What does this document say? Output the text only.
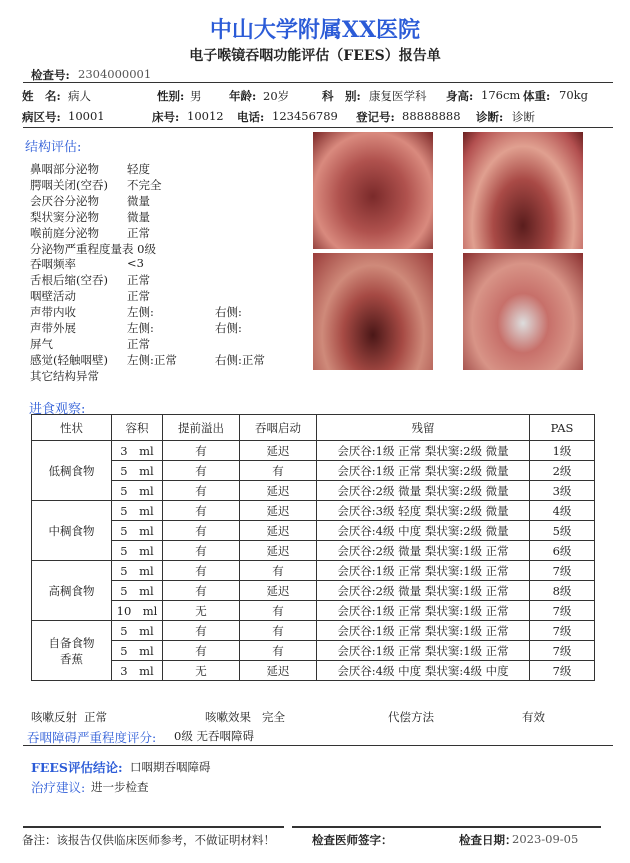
中山大学附属XX医院
电子喉镜吞咽功能评估（FEES）报告单
检查号: 2304000001
姓　名: 病人	性别: 男 年龄: 20岁	科　别: 康复医学科 身高: 176cm 体重: 70kg
病区号: 10001	床号: 10012 电话: 123456789 登记号: 88888888 诊断: 诊断
结构评估:
鼻咽部分泌物 轻度
腭咽关闭(空吞) 不完全
会厌谷分泌物 微量
梨状窦分泌物 微量
喉前庭分泌物 正常
分泌物严重程度量表 0级
吞咽频率	<3
舌根后缩(空吞) 正常
咽壁活动	正常
声带内收	左侧:	右侧:
声带外展	左侧:	右侧:
屏气	正常
感觉(轻触咽壁) 左侧:正常	右侧:正常
其它结构异常
进食观察:
性状	容积	提前溢出	吞咽启动	残留	PAS

低稠食物	3　ml	有	延迟	会厌谷:1级 正常 梨状窦:2级 微量	1级
	5　ml	有	有	会厌谷:1级 正常 梨状窦:2级 微量	2级
	5　ml	有	延迟	会厌谷:2级 微量 梨状窦:2级 微量	3级

中稠食物	5　ml	有	延迟	会厌谷:3级 轻度 梨状窦:2级 微量	4级
	5　ml	有	延迟	会厌谷:4级 中度 梨状窦:2级 微量	5级
	5　ml	有	延迟	会厌谷:2级 微量 梨状窦:1级 正常	6级

高稠食物	5　ml	有	有	会厌谷:1级 正常 梨状窦:1级 正常	7级
	5　ml	有	延迟	会厌谷:2级 微量 梨状窦:1级 正常	8级
	10　ml	无	有	会厌谷:1级 正常 梨状窦:1级 正常	7级

自备食物
香蕉	5　ml	有	有	会厌谷:1级 正常 梨状窦:1级 正常	7级
	5　ml	有	有	会厌谷:1级 正常 梨状窦:1级 正常	7级
	3　ml	无	延迟	会厌谷:4级 中度 梨状窦:4级 中度	7级
咳嗽反射 正常	咳嗽效果 完全	代偿方法	有效
吞咽障碍严重程度评分: 0级 无吞咽障碍
FEES评估结论: 口咽期吞咽障碍
治疗建议: 进一步检查
备注：该报告仅供临床医师参考，不做证明材料！	检查医师签字：	检查日期：
2023-09-05
